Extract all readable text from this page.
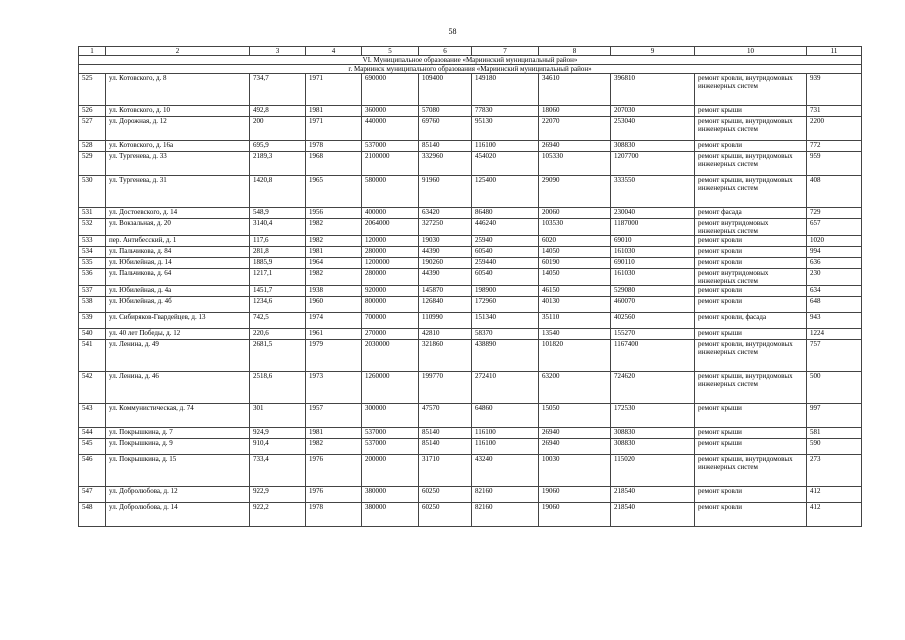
58
1	2	3	4	5	6	7	8	9	10	11
VI. Муниципальное образование «Мариинский муниципальный район»										
г. Мариинск муниципального образования «Мариинский муниципальный район»										
525	ул. Котовского, д. 8	734,7	1971	690000	109400	149180	34610	396810	ремонт кровли, внутридомовых инженерных систем	939
526	ул. Котовского, д. 10	492,8	1981	360000	57080	77830	18060	207030	ремонт крыши	731
527	ул. Дорожная, д. 12	200	1971	440000	69760	95130	22070	253040	ремонт крыши, внутридомовых инженерных систем	2200
528	ул. Котовского, д. 16а	695,9	1978	537000	85140	116100	26940	308830	ремонт кровли	772
529	ул. Тургенева, д. 33	2189,3	1968	2100000	332960	454020	105330	1207700	ремонт крыши, внутридомовых инженерных систем	959
530	ул. Тургенева, д. 31	1420,8	1965	580000	91960	125400	29090	333550	ремонт крыши, внутридомовых инженерных систем	408
531	ул. Достоевского, д. 14	548,9	1956	400000	63420	86480	20060	230040	ремонт фасада	729
532	ул. Вокзальная, д. 20	3140,4	1982	2064000	327250	446240	103530	1187000	ремонт внутридомовых инженерных систем	657
533	пер. Антибесский, д. 1	117,6	1982	120000	19030	25940	6020	69010	ремонт кровли	1020
534	ул. Пальчикова, д. 84	281,8	1981	280000	44390	60540	14050	161030	ремонт кровли	994
535	ул. Юбилейная, д. 14	1885,9	1964	1200000	190260	259440	60190	690110	ремонт кровли	636
536	ул. Пальчикова, д. 64	1217,1	1982	280000	44390	60540	14050	161030	ремонт внутридомовых инженерных систем	230
537	ул. Юбилейная, д. 4а	1451,7	1938	920000	145870	198900	46150	529080	ремонт кровли	634
538	ул. Юбилейная, д. 4б	1234,6	1960	800000	126840	172960	40130	460070	ремонт кровли	648
539	ул. Сибиряков-Гвардейцев, д. 13	742,5	1974	700000	110990	151340	35110	402560	ремонт кровли, фасада	943
540	ул. 40 лет Победы, д. 12	220,6	1961	270000	42810	58370	13540	155270	ремонт крыши	1224
541	ул. Ленина, д. 49	2681,5	1979	2030000	321860	438890	101820	1167400	ремонт кровли, внутридомовых инженерных систем	757
542	ул. Ленина, д. 46	2518,6	1973	1260000	199770	272410	63200	724620	ремонт крыши, внутридомовых инженерных систем	500
543	ул. Коммунистическая, д. 74	301	1957	300000	47570	64860	15050	172530	ремонт крыши	997
544	ул. Покрышкина, д. 7	924,9	1981	537000	85140	116100	26940	308830	ремонт крыши	581
545	ул. Покрышкина, д. 9	910,4	1982	537000	85140	116100	26940	308830	ремонт крыши	590
546	ул. Покрышкина, д. 15	733,4	1976	200000	31710	43240	10030	115020	ремонт крыши, внутридомовых инженерных систем	273
547	ул. Добролюбова, д. 12	922,9	1976	380000	60250	82160	19060	218540	ремонт кровли	412
548	ул. Добролюбова, д. 14	922,2	1978	380000	60250	82160	19060	218540	ремонт кровли	412
